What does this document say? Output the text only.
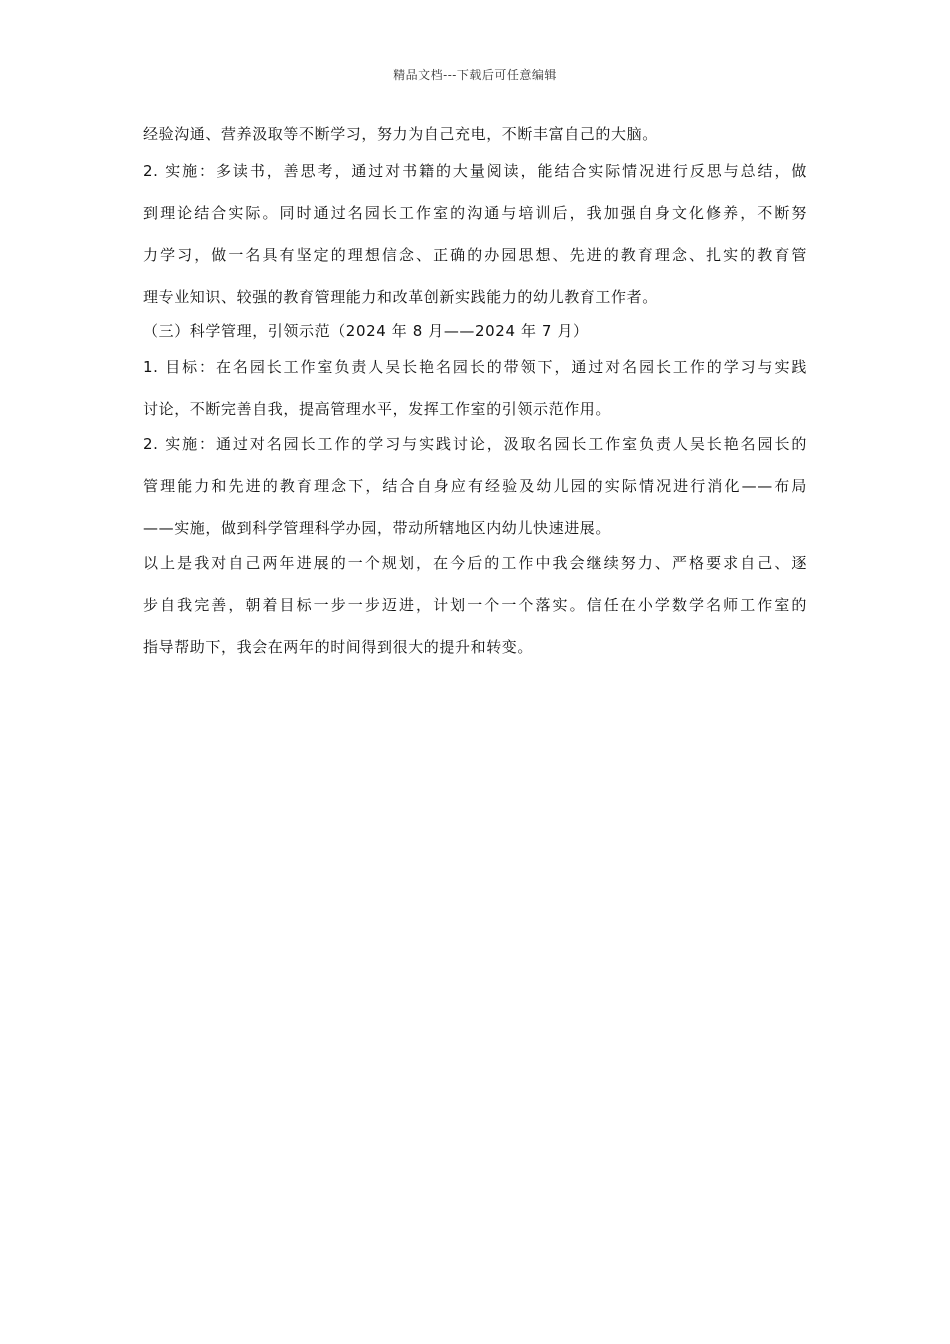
精品文档---下载后可任意编辑
经验沟通、营养汲取等不断学习，努力为自己充电，不断丰富自己的大脑。
2. 实施：多读书，善思考，通过对书籍的大量阅读，能结合实际情况进行反思与总结，做
到理论结合实际。同时通过名园长工作室的沟通与培训后，我加强自身文化修养，不断努
力学习，做一名具有坚定的理想信念、正确的办园思想、先进的教育理念、扎实的教育管
理专业知识、较强的教育管理能力和改革创新实践能力的幼儿教育工作者。
（三）科学管理，引领示范（2024 年 8 月——2024 年 7 月）
1. 目标：在名园长工作室负责人吴长艳名园长的带领下，通过对名园长工作的学习与实践
讨论，不断完善自我，提高管理水平，发挥工作室的引领示范作用。
2. 实施：通过对名园长工作的学习与实践讨论，汲取名园长工作室负责人吴长艳名园长的
管理能力和先进的教育理念下，结合自身应有经验及幼儿园的实际情况进行消化——布局
——实施，做到科学管理科学办园，带动所辖地区内幼儿快速进展。
以上是我对自己两年进展的一个规划，在今后的工作中我会继续努力、严格要求自己、逐
步自我完善，朝着目标一步一步迈进，计划一个一个落实。信任在小学数学名师工作室的
指导帮助下，我会在两年的时间得到很大的提升和转变。
